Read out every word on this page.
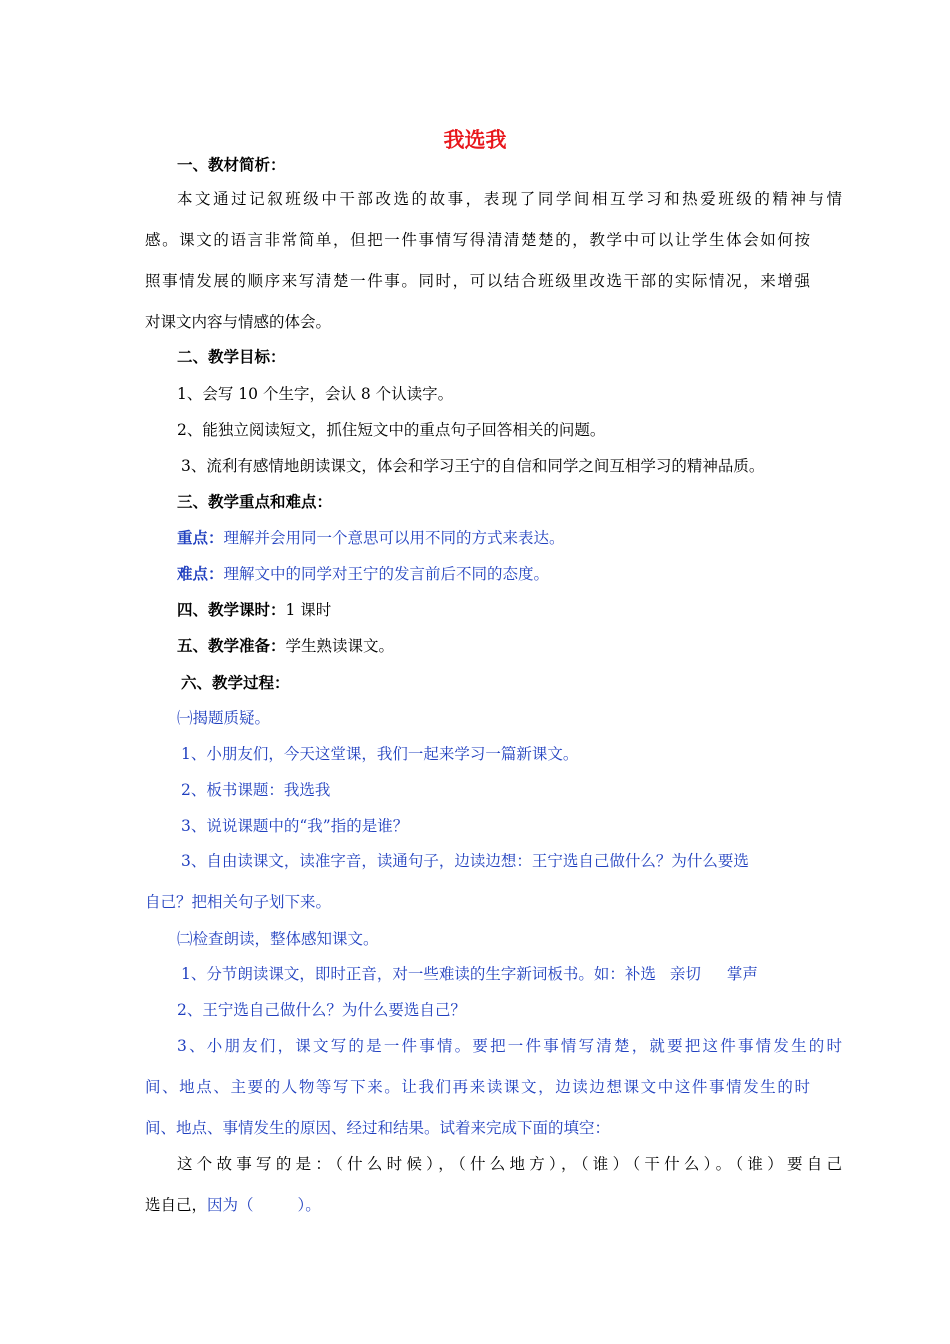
我选我
一、教材简析：
本文通过记叙班级中干部改选的故事，表现了同学间相互学习和热爱班级的精神与情
感。课文的语言非常简单，但把一件事情写得清清楚楚的，教学中可以让学生体会如何按
照事情发展的顺序来写清楚一件事。同时，可以结合班级里改选干部的实际情况，来增强
对课文内容与情感的体会。
二、教学目标：
1、会写 10 个生字，会认 8 个认读字。
2、能独立阅读短文，抓住短文中的重点句子回答相关的问题。
3、流利有感情地朗读课文，体会和学习王宁的自信和同学之间互相学习的精神品质。
三、教学重点和难点：
重点：理解并会用同一个意思可以用不同的方式来表达。
难点：理解文中的同学对王宁的发言前后不同的态度。
四、教学课时：1 课时
五、教学准备：学生熟读课文。
六、教学过程：
㈠揭题质疑。
1、小朋友们，今天这堂课，我们一起来学习一篇新课文。
2、板书课题：我选我
3、说说课题中的“我”指的是谁？
3、自由读课文，读准字音，读通句子，边读边想：王宁选自己做什么？为什么要选
自己？把相关句子划下来。
㈡检查朗读，整体感知课文。
1、分节朗读课文，即时正音，对一些难读的生字新词板书。如：补选 亲切 掌声
2、王宁选自己做什么？为什么要选自己？
3、小朋友们，课文写的是一件事情。要把一件事情写清楚，就要把这件事情发生的时
间、地点、主要的人物等写下来。让我们再来读课文，边读边想课文中这件事情发生的时
间、地点、事情发生的原因、经过和结果。试着来完成下面的填空：
这个故事写的是：（什么时候），（什么地方），（谁）（干什么）。（谁）要自己
选自己，因为（	）。
